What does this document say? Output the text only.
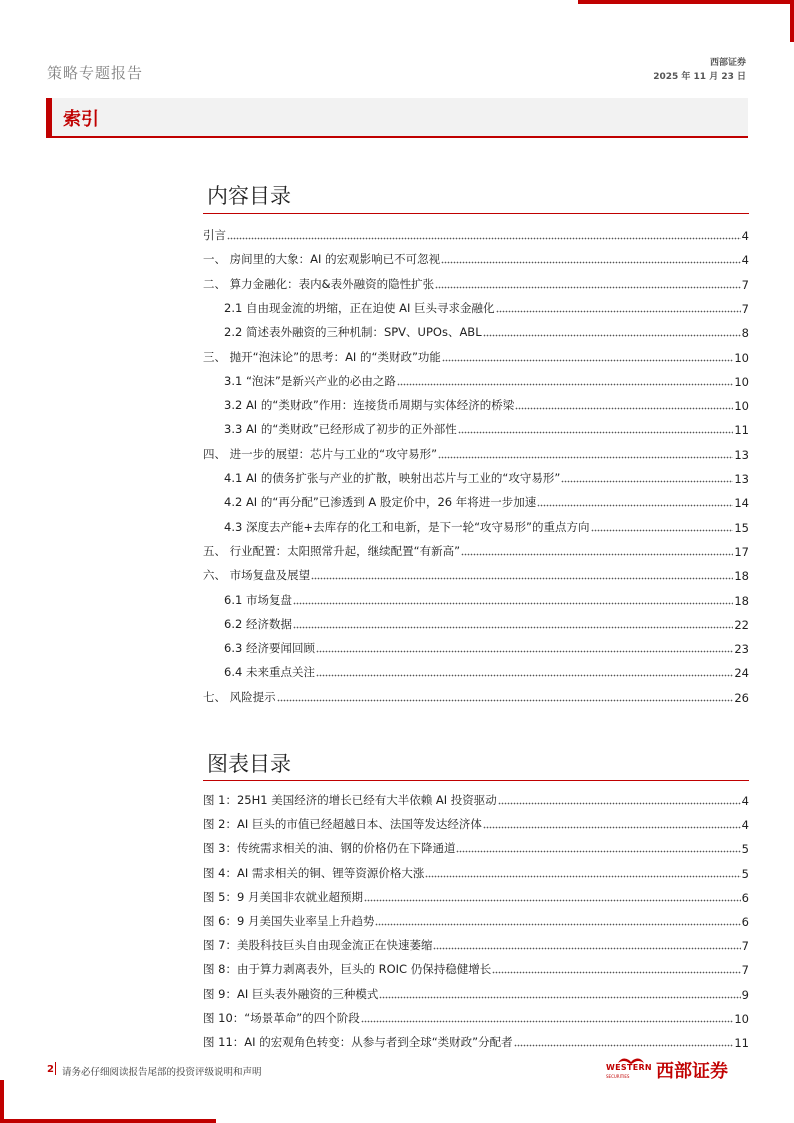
策略专题报告
西部证券
2025 年 11 月 23 日
索引
内容目录
引言	4
一、 房间里的大象：AI 的宏观影响已不可忽视	4
二、 算力金融化：表内&表外融资的隐性扩张	7
2.1 自由现金流的坍缩，正在迫使 AI 巨头寻求金融化	7
2.2 简述表外融资的三种机制：SPV、UPOs、ABL	8
三、 抛开“泡沫论”的思考：AI 的“类财政”功能	10
3.1 “泡沫”是新兴产业的必由之路	10
3.2 AI 的“类财政”作用：连接货币周期与实体经济的桥梁	10
3.3 AI 的“类财政”已经形成了初步的正外部性	11
四、 进一步的展望：芯片与工业的“攻守易形”	13
4.1 AI 的债务扩张与产业的扩散，映射出芯片与工业的“攻守易形”	13
4.2 AI 的“再分配”已渗透到 A 股定价中，26 年将进一步加速	14
4.3 深度去产能+去库存的化工和电新，是下一轮“攻守易形”的重点方向	15
五、 行业配置：太阳照常升起，继续配置“有新高”	17
六、 市场复盘及展望	18
6.1 市场复盘	18
6.2 经济数据	22
6.3 经济要闻回顾	23
6.4 未来重点关注	24
七、 风险提示	26
图表目录
图 1：25H1 美国经济的增长已经有大半依赖 AI 投资驱动	4
图 2：AI 巨头的市值已经超越日本、法国等发达经济体	4
图 3：传统需求相关的油、钢的价格仍在下降通道	5
图 4：AI 需求相关的铜、锂等资源价格大涨	5
图 5：9 月美国非农就业超预期	6
图 6：9 月美国失业率呈上升趋势	6
图 7：美股科技巨头自由现金流正在快速萎缩	7
图 8：由于算力剥离表外，巨头的 ROIC 仍保持稳健增长	7
图 9：AI 巨头表外融资的三种模式	9
图 10：“场景革命”的四个阶段	10
图 11：AI 的宏观角色转变：从参与者到全球“类财政”分配者	11
2 请务必仔细阅读报告尾部的投资评级说明和声明	WESTERN
SECURITIES 西部证券
